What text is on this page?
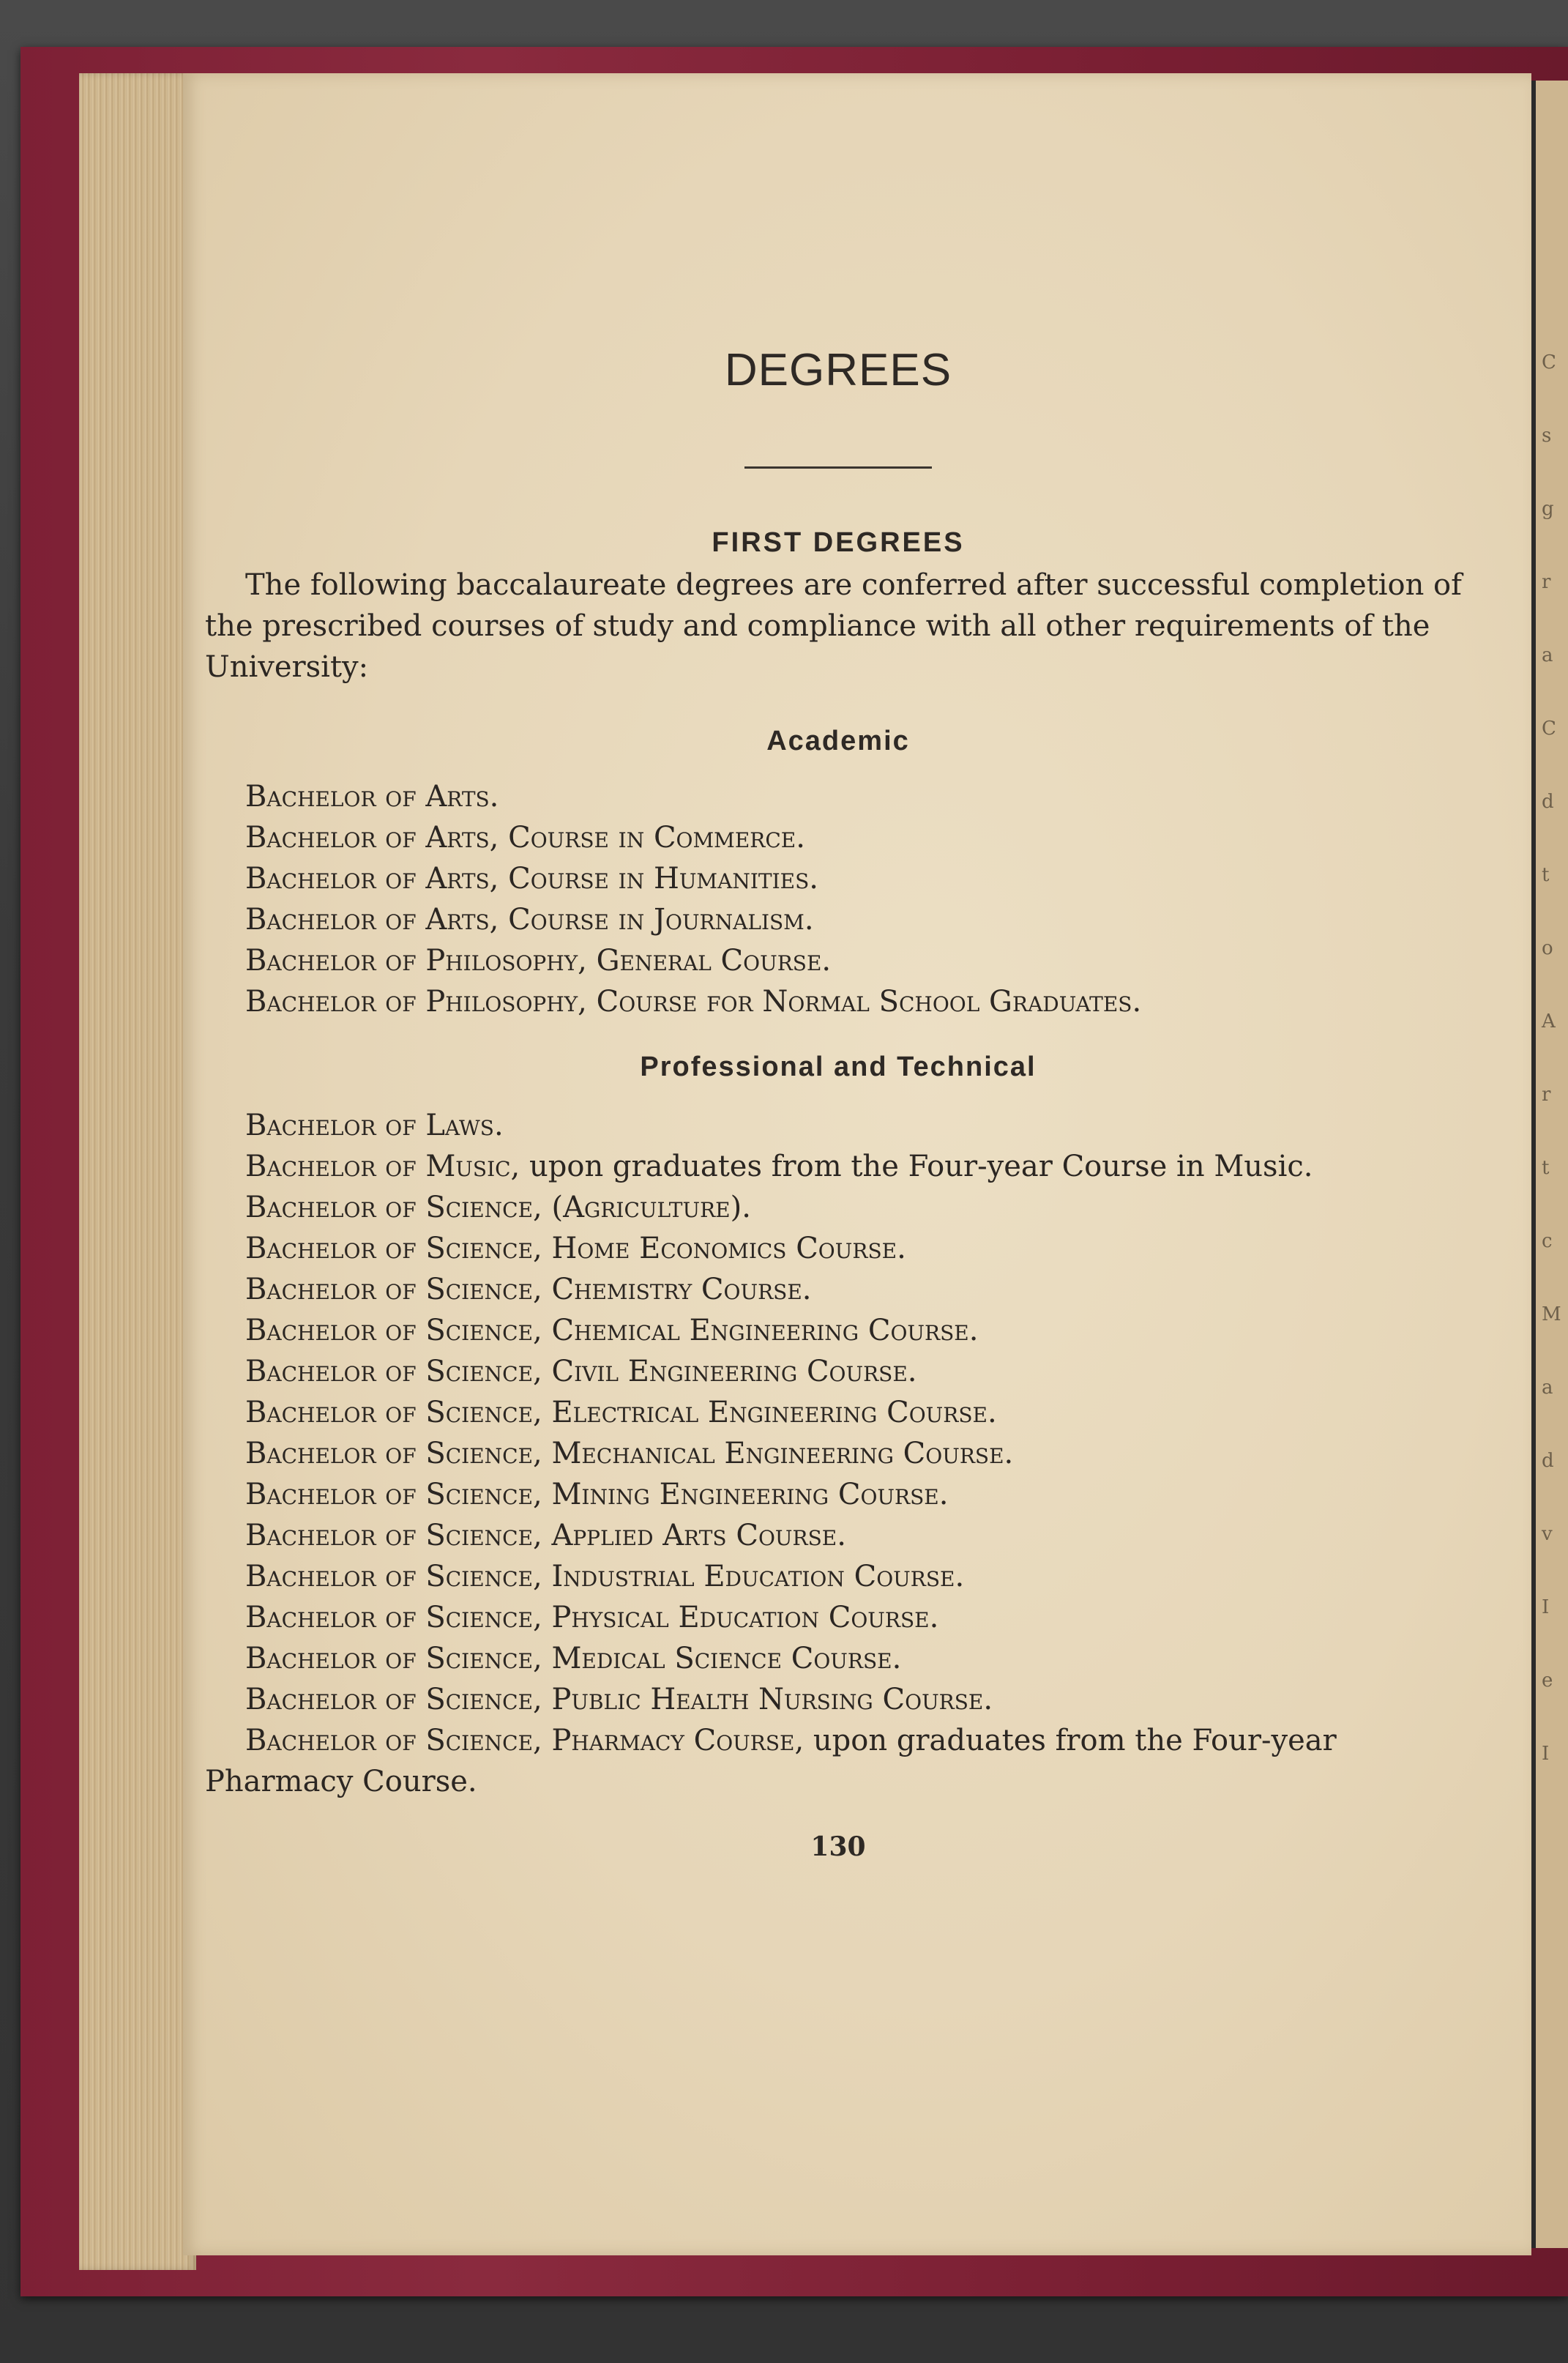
C
s
g
r
a
C
d
t
o
A
r
t
c
M
a
d
v
I
e
I
DEGREES
FIRST DEGREES

The following baccalaureate degrees are conferred after successful completion of the prescribed courses of study and compliance with all other requirements of the University:

Academic
Bachelor of Arts.
Bachelor of Arts, Course in Commerce.
Bachelor of Arts, Course in Humanities.
Bachelor of Arts, Course in Journalism.
Bachelor of Philosophy, General Course.
Bachelor of Philosophy, Course for Normal School Graduates.
Professional and Technical
Bachelor of Laws.
Bachelor of Music, upon graduates from the Four-year Course in Music.
Bachelor of Science, (Agriculture).
Bachelor of Science, Home Economics Course.
Bachelor of Science, Chemistry Course.
Bachelor of Science, Chemical Engineering Course.
Bachelor of Science, Civil Engineering Course.
Bachelor of Science, Electrical Engineering Course.
Bachelor of Science, Mechanical Engineering Course.
Bachelor of Science, Mining Engineering Course.
Bachelor of Science, Applied Arts Course.
Bachelor of Science, Industrial Education Course.
Bachelor of Science, Physical Education Course.
Bachelor of Science, Medical Science Course.
Bachelor of Science, Public Health Nursing Course.
Bachelor of Science, Pharmacy Course, upon graduates from the Four-year Pharmacy Course.
130
